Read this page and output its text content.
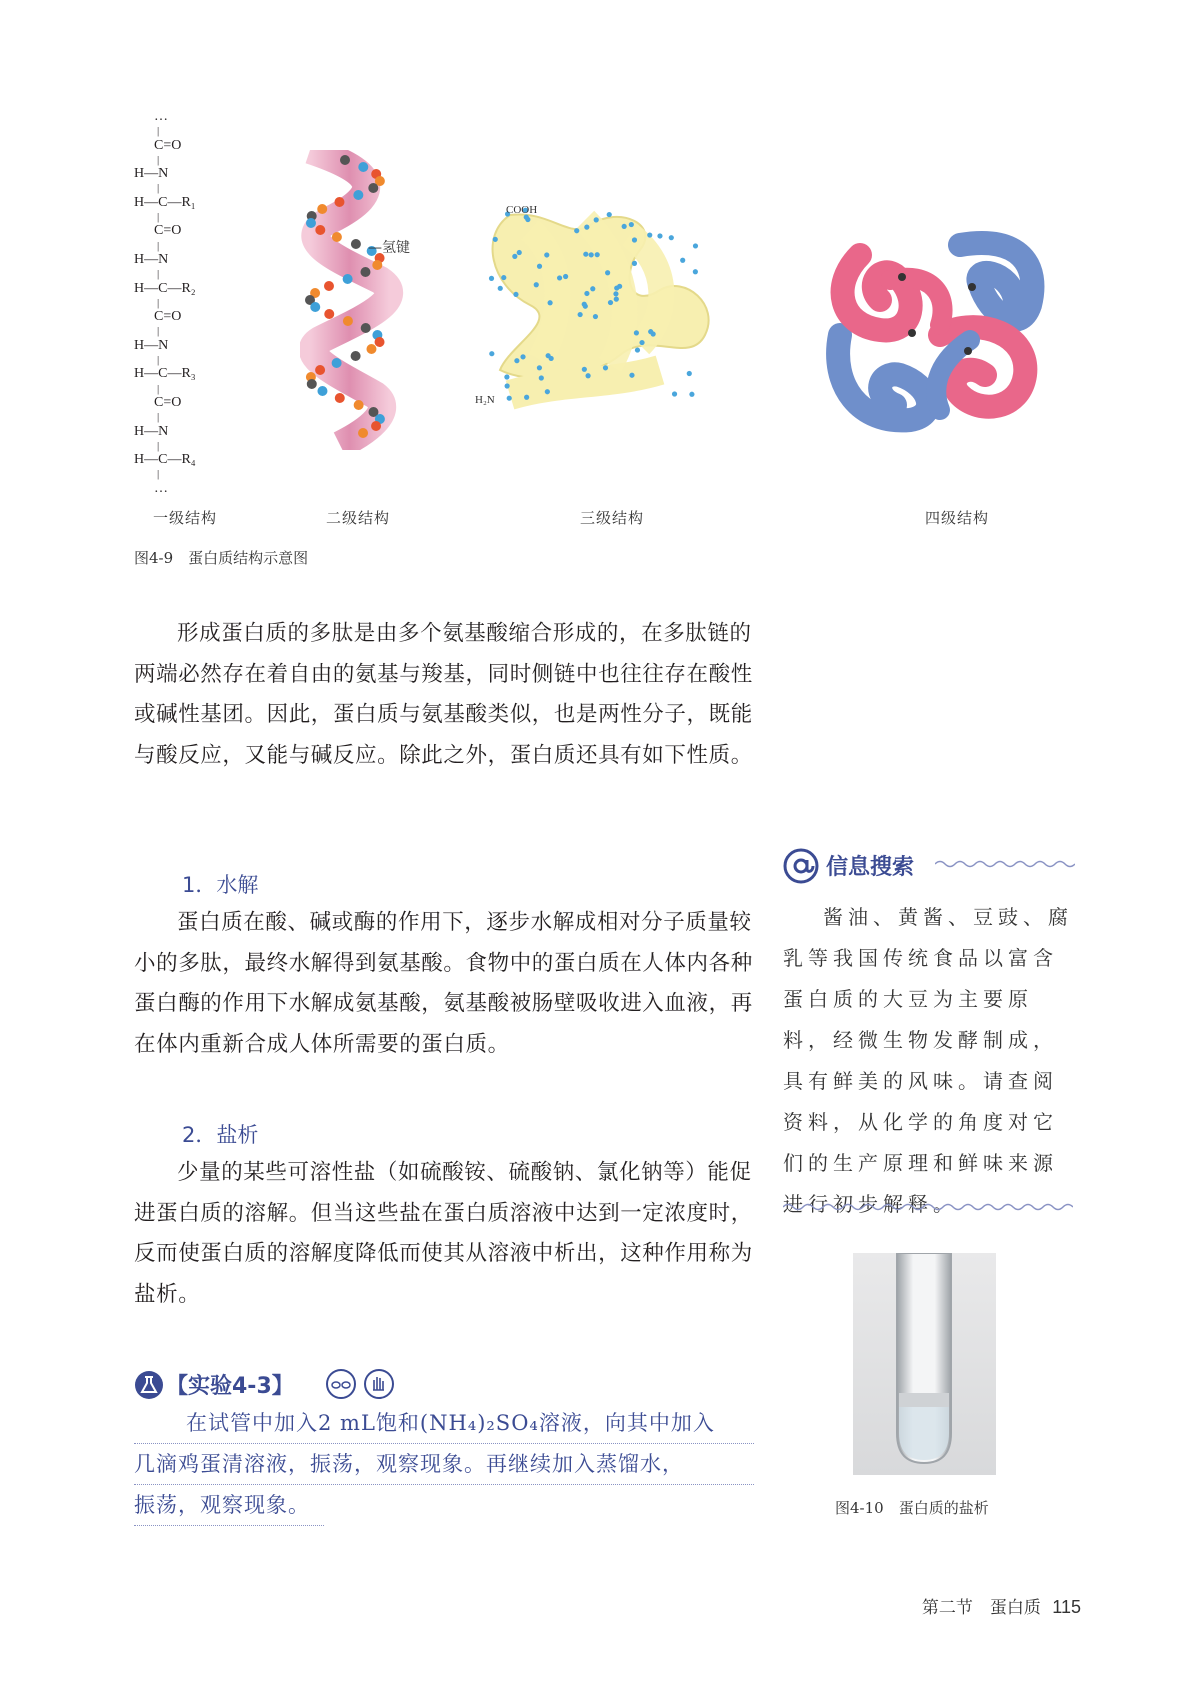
…
|
C=O
|
H—N
|
H—C—R₁
|
C=O
|
H—N
|
H—C—R₂
|
C=O
|
H—N
|
H—C—R₃
|
C=O
|
H—N
|
H—C—R₄
|
…
—氢键
COOH
H₂N
一级结构	二级结构	三级结构	四级结构
图4-9　蛋白质结构示意图

形成蛋白质的多肽是由多个氨基酸缩合形成的，在多肽链的两端必然存在着自由的氨基与羧基，同时侧链中也往往存在酸性或碱性基团。因此，蛋白质与氨基酸类似，也是两性分子，既能与酸反应，又能与碱反应。除此之外，蛋白质还具有如下性质。

1．水解

蛋白质在酸、碱或酶的作用下，逐步水解成相对分子质量较小的多肽，最终水解得到氨基酸。食物中的蛋白质在人体内各种蛋白酶的作用下水解成氨基酸，氨基酸被肠壁吸收进入血液，再在体内重新合成人体所需要的蛋白质。

2．盐析

少量的某些可溶性盐（如硫酸铵、硫酸钠、氯化钠等）能促进蛋白质的溶解。但当这些盐在蛋白质溶液中达到一定浓度时，反而使蛋白质的溶解度降低而使其从溶液中析出，这种作用称为盐析。

【实验4-3】
在试管中加入2 mL饱和(NH₄)₂SO₄溶液，向其中加入
几滴鸡蛋清溶液，振荡，观察现象。再继续加入蒸馏水，
振荡，观察现象。
信息搜索

酱油、黄酱、豆豉、腐乳等我国传统食品以富含蛋白质的大豆为主要原料，经微生物发酵制成，具有鲜美的风味。请查阅资料，从化学的角度对它们的生产原理和鲜味来源进行初步解释。

图4-10　蛋白质的盐析
第二节　蛋白质 115
